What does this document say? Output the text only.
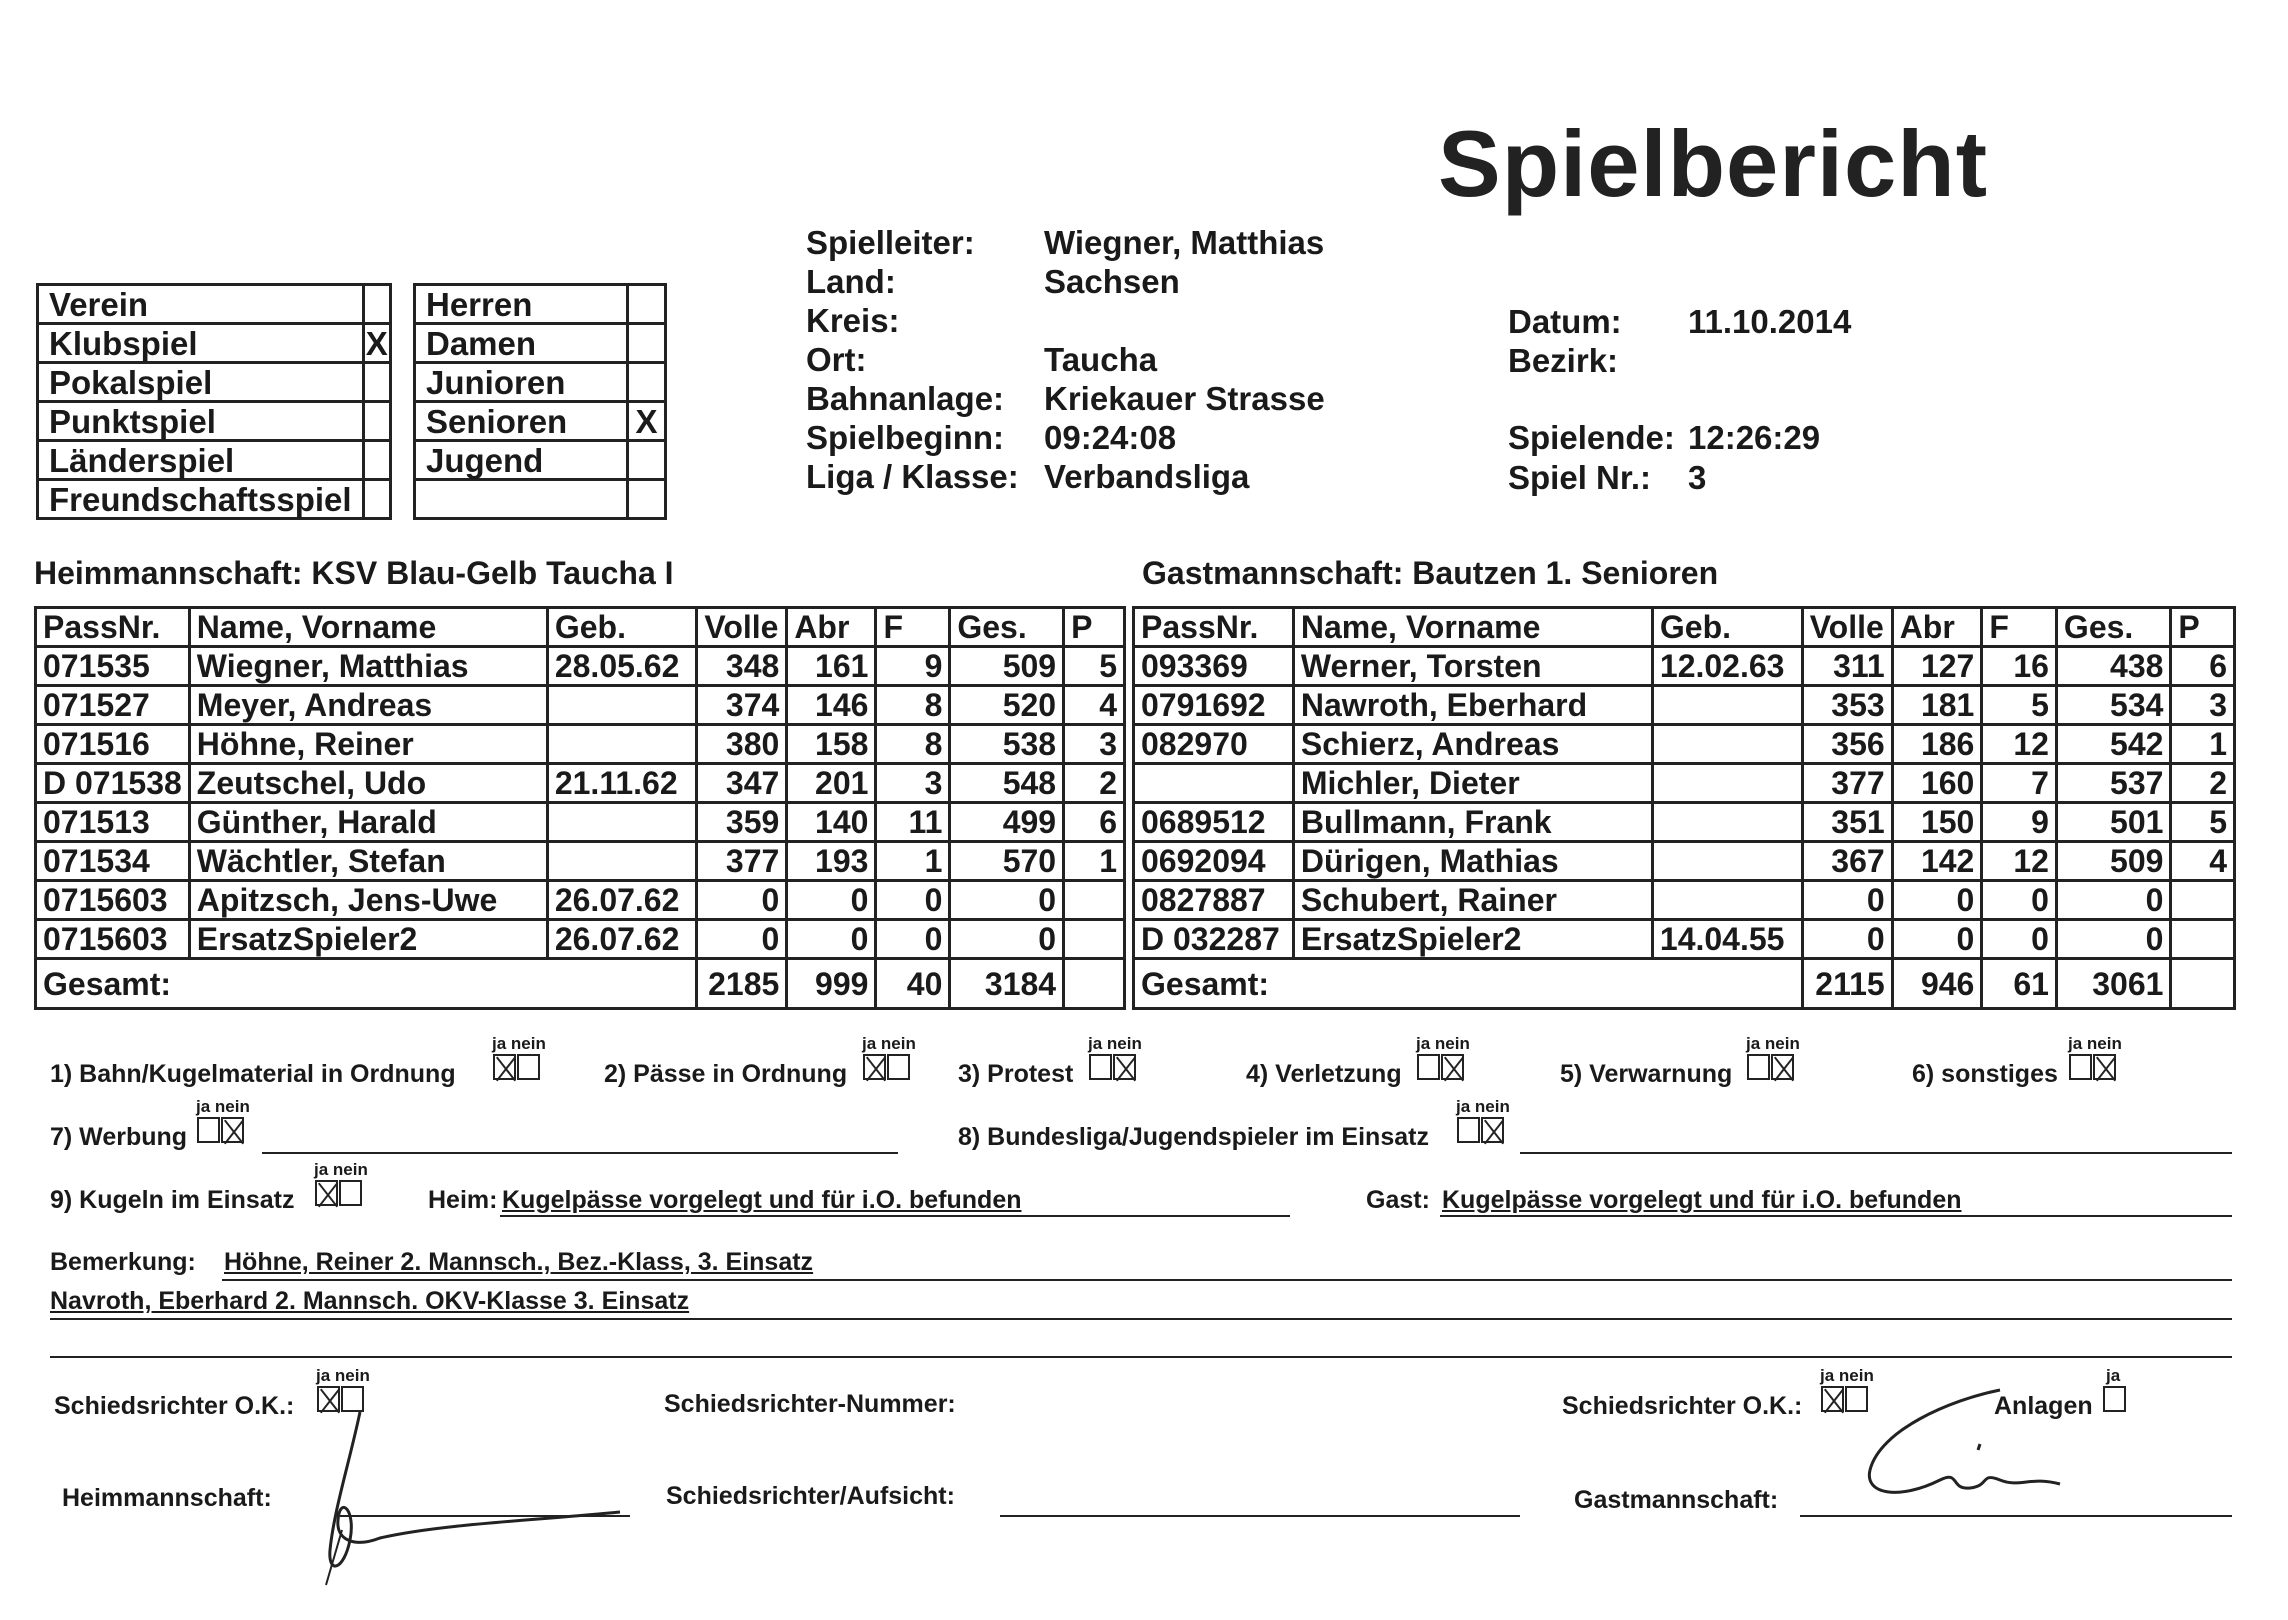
Spielbericht
Verein	
Klubspiel	X
Pokalspiel	
Punktspiel	
Länderspiel	
Freundschaftsspiel	
Herren	
Damen	
Junioren	
Senioren	X
Jugend	

Spielleiter: Wiegner, Matthias
Land:	Sachsen
Kreis:
Ort:	Taucha
Bahnanlage: Kriekauer Strasse
Spielbeginn: 09:24:08
Liga / Klasse: Verbandsliga
Datum: 11.10.2014
Bezirk:
Spielende: 12:26:29
Spiel Nr.: 3
Heimmannschaft: KSV Blau-Gelb Taucha I	Gastmannschaft: Bautzen 1. Senioren
PassNr.	Name, Vorname	Geb.	Volle	Abr	F	Ges.	P
071535	Wiegner, Matthias	28.05.62	348	161	9	509	5
071527	Meyer, Andreas		374	146	8	520	4
071516	Höhne, Reiner		380	158	8	538	3
D 071538	Zeutschel, Udo	21.11.62	347	201	3	548	2
071513	Günther, Harald		359	140	11	499	6
071534	Wächtler, Stefan		377	193	1	570	1
0715603	Apitzsch, Jens-Uwe	26.07.62	0	0	0	0	
0715603	ErsatzSpieler2	26.07.62	0	0	0	0	
Gesamt:			2185	999	40	3184	
PassNr.	Name, Vorname	Geb.	Volle	Abr	F	Ges.	P
093369	Werner, Torsten	12.02.63	311	127	16	438	6
0791692	Nawroth, Eberhard		353	181	5	534	3
082970	Schierz, Andreas		356	186	12	542	1
	Michler, Dieter		377	160	7	537	2
0689512	Bullmann, Frank		351	150	9	501	5
0692094	Dürigen, Mathias		367	142	12	509	4
0827887	Schubert, Rainer		0	0	0	0	
D 032287	ErsatzSpieler2	14.04.55	0	0	0	0	
Gesamt:			2115	946	61	3061	
1) Bahn/Kugelmaterial in Ordnung
ja nein
2) Pässe in Ordnung
ja nein
3) Protest
ja nein
4) Verletzung
ja nein
5) Verwarnung
ja nein
6) sonstiges
ja nein
7) Werbung
ja nein
8) Bundesliga/Jugendspieler im Einsatz
ja nein
9) Kugeln im Einsatz
ja nein
Heim: Kugelpässe vorgelegt und für i.O. befunden	Gast: Kugelpässe vorgelegt und für i.O. befunden
Bemerkung: Höhne, Reiner 2. Mannsch., Bez.-Klass, 3. Einsatz
Navroth, Eberhard 2. Mannsch. OKV-Klasse 3. Einsatz
Schiedsrichter O.K.:
ja nein
Schiedsrichter-Nummer:	Schiedsrichter O.K.:
ja nein
Anlagen
ja
Heimmannschaft:	Schiedsrichter/Aufsicht:	Gastmannschaft:
